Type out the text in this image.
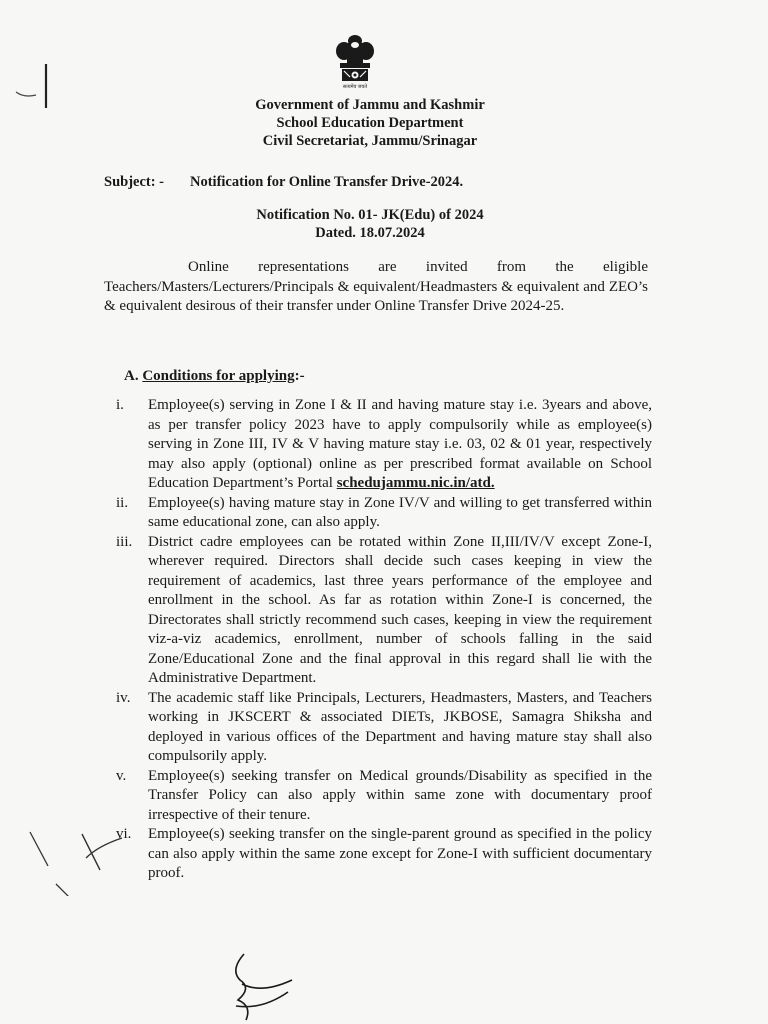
सत्यमेव जयते
Government of Jammu and Kashmir
School Education Department
Civil Secretariat, Jammu/Srinagar
Subject: - Notification for Online Transfer Drive-2024.
Notification No. 01- JK(Edu) of 2024
Dated. 18.07.2024
Online representations are invited from the eligible Teachers/Masters/Lecturers/Principals & equivalent/Headmasters & equivalent and ZEO’s & equivalent desirous of their transfer under Online Transfer Drive 2024-25.
A. Conditions for applying:-
i.	Employee(s) serving in Zone I & II and having mature stay i.e. 3years and above, as per transfer policy 2023 have to apply compulsorily while as employee(s) serving in Zone III, IV & V having mature stay i.e. 03, 02 & 01 year, respectively may also apply (optional) online as per prescribed format available on School Education Department’s Portal schedujammu.nic.in/atd.
ii.	Employee(s) having mature stay in Zone IV/V and willing to get transferred within same educational zone, can also apply.
iii.	District cadre employees can be rotated within Zone II,III/IV/V except Zone-I, wherever required. Directors shall decide such cases keeping in view the requirement of academics, last three years performance of the employee and enrollment in the school. As far as rotation within Zone-I is concerned, the Directorates shall strictly recommend such cases, keeping in view the requirement viz-a-viz academics, enrollment, number of schools falling in the said Zone/Educational Zone and the final approval in this regard shall lie with the Administrative Department.
iv.	The academic staff like Principals, Lecturers, Headmasters, Masters, and Teachers working in JKSCERT & associated DIETs, JKBOSE, Samagra Shiksha and deployed in various offices of the Department and having mature stay shall also compulsorily apply.
v.	Employee(s) seeking transfer on Medical grounds/Disability as specified in the Transfer Policy can also apply within same zone with documentary proof irrespective of their tenure.
vi.	Employee(s) seeking transfer on the single-parent ground as specified in the policy can also apply within the same zone except for Zone-I with sufficient documentary proof.
